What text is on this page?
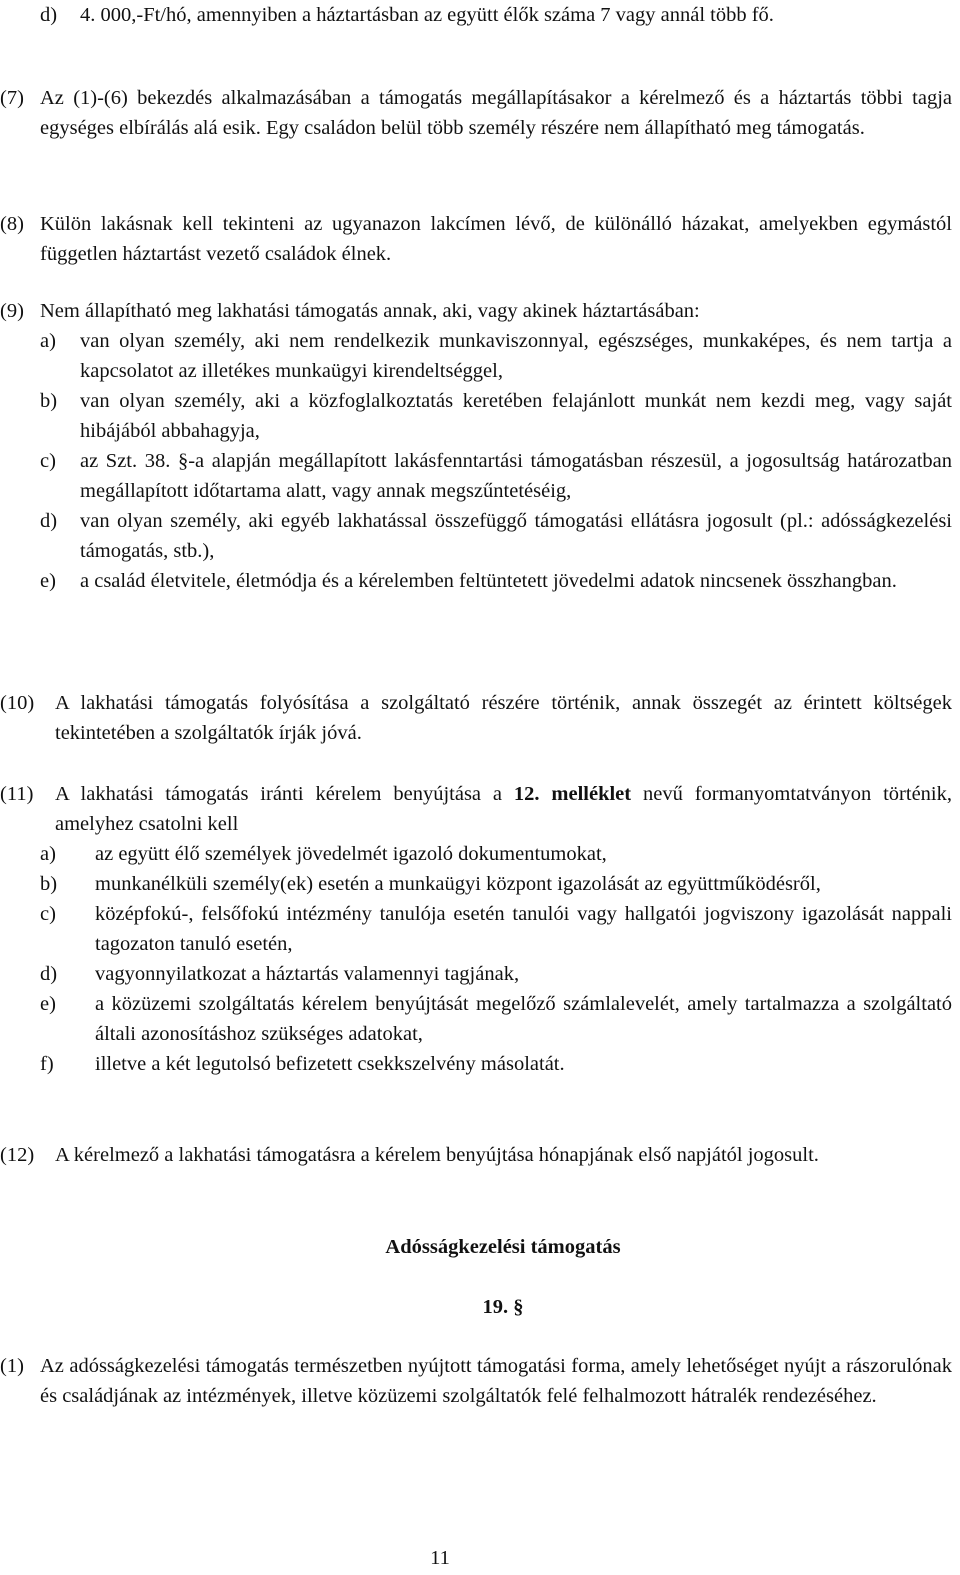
d)	4. 000,-Ft/hó, amennyiben a háztartásban az együtt élők száma 7 vagy annál több fő.
(7) Az (1)-(6) bekezdés alkalmazásában a támogatás megállapításakor a kérelmező és a háztartás többi tagja egységes elbírálás alá esik. Egy családon belül több személy részére nem állapítható meg támogatás.
(8) Külön lakásnak kell tekinteni az ugyanazon lakcímen lévő, de különálló házakat, amelyekben egymástól független háztartást vezető családok élnek.
(9) Nem állapítható meg lakhatási támogatás annak, aki, vagy akinek háztartásában:
a)	van olyan személy, aki nem rendelkezik munkaviszonnyal, egészséges, munkaképes, és nem tartja a kapcsolatot az illetékes munkaügyi kirendeltséggel,
b)	van olyan személy, aki a közfoglalkoztatás keretében felajánlott munkát nem kezdi meg, vagy saját hibájából abbahagyja,
c)	az Szt. 38. §-a alapján megállapított lakásfenntartási támogatásban részesül, a jogosultság határozatban megállapított időtartama alatt, vagy annak megszűntetéséig,
d)	van olyan személy, aki egyéb lakhatással összefüggő támogatási ellátásra jogosult (pl.: adósságkezelési támogatás, stb.),
e)	a család életvitele, életmódja és a kérelemben feltüntetett jövedelmi adatok nincsenek összhangban.
(10)	A lakhatási támogatás folyósítása a szolgáltató részére történik, annak összegét az érintett költségek tekintetében a szolgáltatók írják jóvá.
(11)	A lakhatási támogatás iránti kérelem benyújtása a 12. melléklet nevű formanyomtatványon történik, amelyhez csatolni kell
a)	az együtt élő személyek jövedelmét igazoló dokumentumokat,
b)	munkanélküli személy(ek) esetén a munkaügyi központ igazolását az együttműködésről,
c)	középfokú-, felsőfokú intézmény tanulója esetén tanulói vagy hallgatói jogviszony igazolását nappali tagozaton tanuló esetén,
d)	vagyonnyilatkozat a háztartás valamennyi tagjának,
e)	a közüzemi szolgáltatás kérelem benyújtását megelőző számlalevelét, amely tartalmazza a szolgáltató általi azonosításhoz szükséges adatokat,
f)	illetve a két legutolsó befizetett csekkszelvény másolatát.
(12)	A kérelmező a lakhatási támogatásra a kérelem benyújtása hónapjának első napjától jogosult.
Adósságkezelési támogatás
19. §
(1) Az adósságkezelési támogatás természetben nyújtott támogatási forma, amely lehetőséget nyújt a rászorulónak és családjának az intézmények, illetve közüzemi szolgáltatók felé felhalmozott hátralék rendezéséhez.
11
